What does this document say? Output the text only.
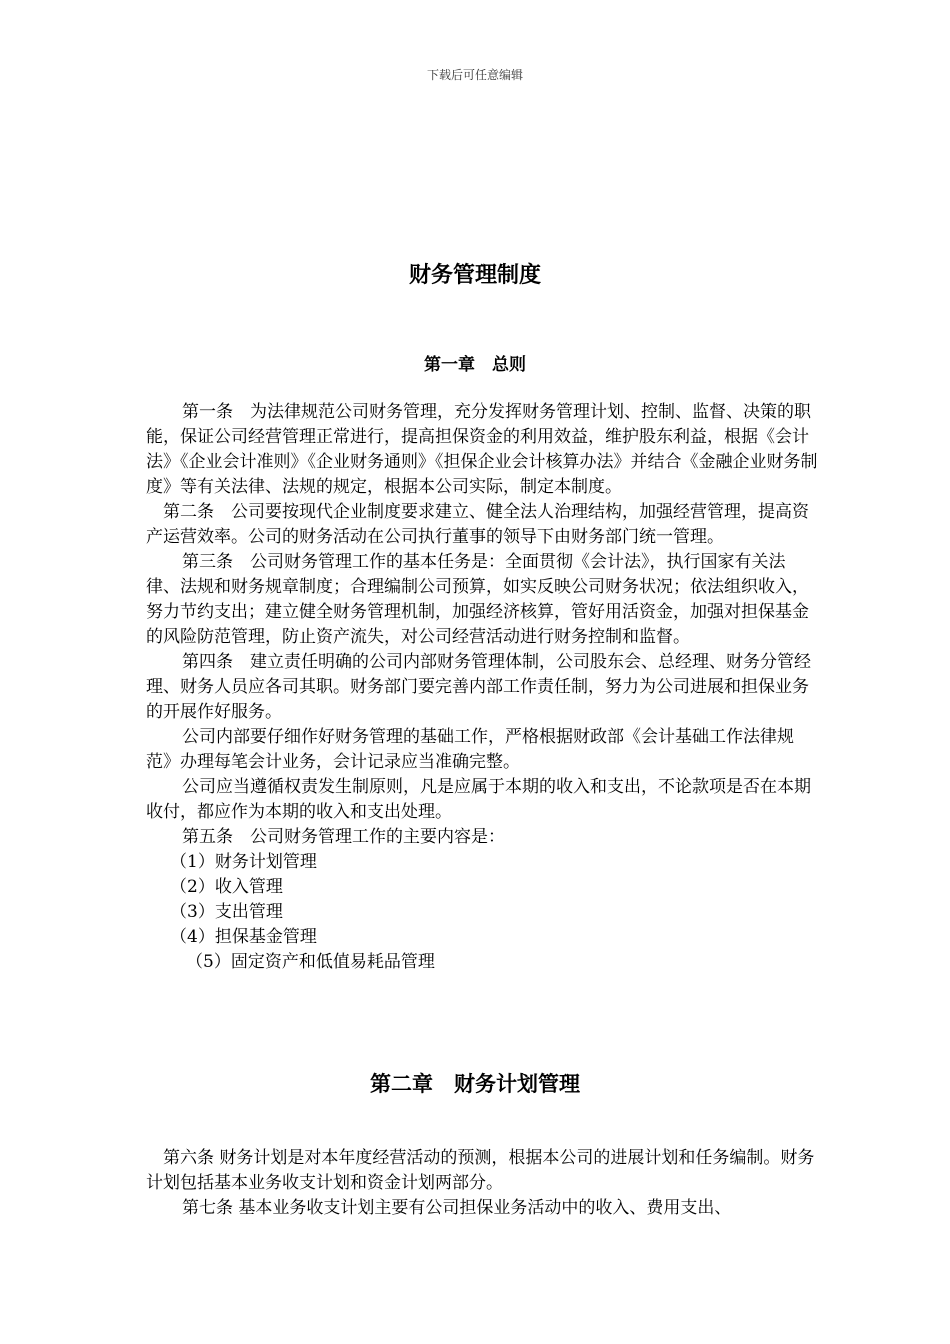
下载后可任意编辑
财务管理制度
第一章　总则

第一条　为法律规范公司财务管理，充分发挥财务管理计划、控制、监督、决策的职能，保证公司经营管理正常进行，提高担保资金的利用效益，维护股东利益，根据《会计法》《企业会计准则》《企业财务通则》《担保企业会计核算办法》并结合《金融企业财务制度》等有关法律、法规的规定，根据本公司实际，制定本制度。

第二条　公司要按现代企业制度要求建立、健全法人治理结构，加强经营管理，提高资产运营效率。公司的财务活动在公司执行董事的领导下由财务部门统一管理。

第三条　公司财务管理工作的基本任务是：全面贯彻《会计法》，执行国家有关法律、法规和财务规章制度；合理编制公司预算，如实反映公司财务状况；依法组织收入，努力节约支出；建立健全财务管理机制，加强经济核算，管好用活资金，加强对担保基金的风险防范管理，防止资产流失，对公司经营活动进行财务控制和监督。

第四条　建立责任明确的公司内部财务管理体制，公司股东会、总经理、财务分管经理、财务人员应各司其职。财务部门要完善内部工作责任制，努力为公司进展和担保业务的开展作好服务。

公司内部要仔细作好财务管理的基础工作，严格根据财政部《会计基础工作法律规范》办理每笔会计业务，会计记录应当准确完整。

公司应当遵循权责发生制原则，凡是应属于本期的收入和支出，不论款项是否在本期收付，都应作为本期的收入和支出处理。

第五条　公司财务管理工作的主要内容是：

（1）财务计划管理

（2）收入管理

（3）支出管理

（4）担保基金管理

（5）固定资产和低值易耗品管理

第二章　财务计划管理

第六条 财务计划是对本年度经营活动的预测，根据本公司的进展计划和任务编制。财务计划包括基本业务收支计划和资金计划两部分。

第七条 基本业务收支计划主要有公司担保业务活动中的收入、费用支出、
